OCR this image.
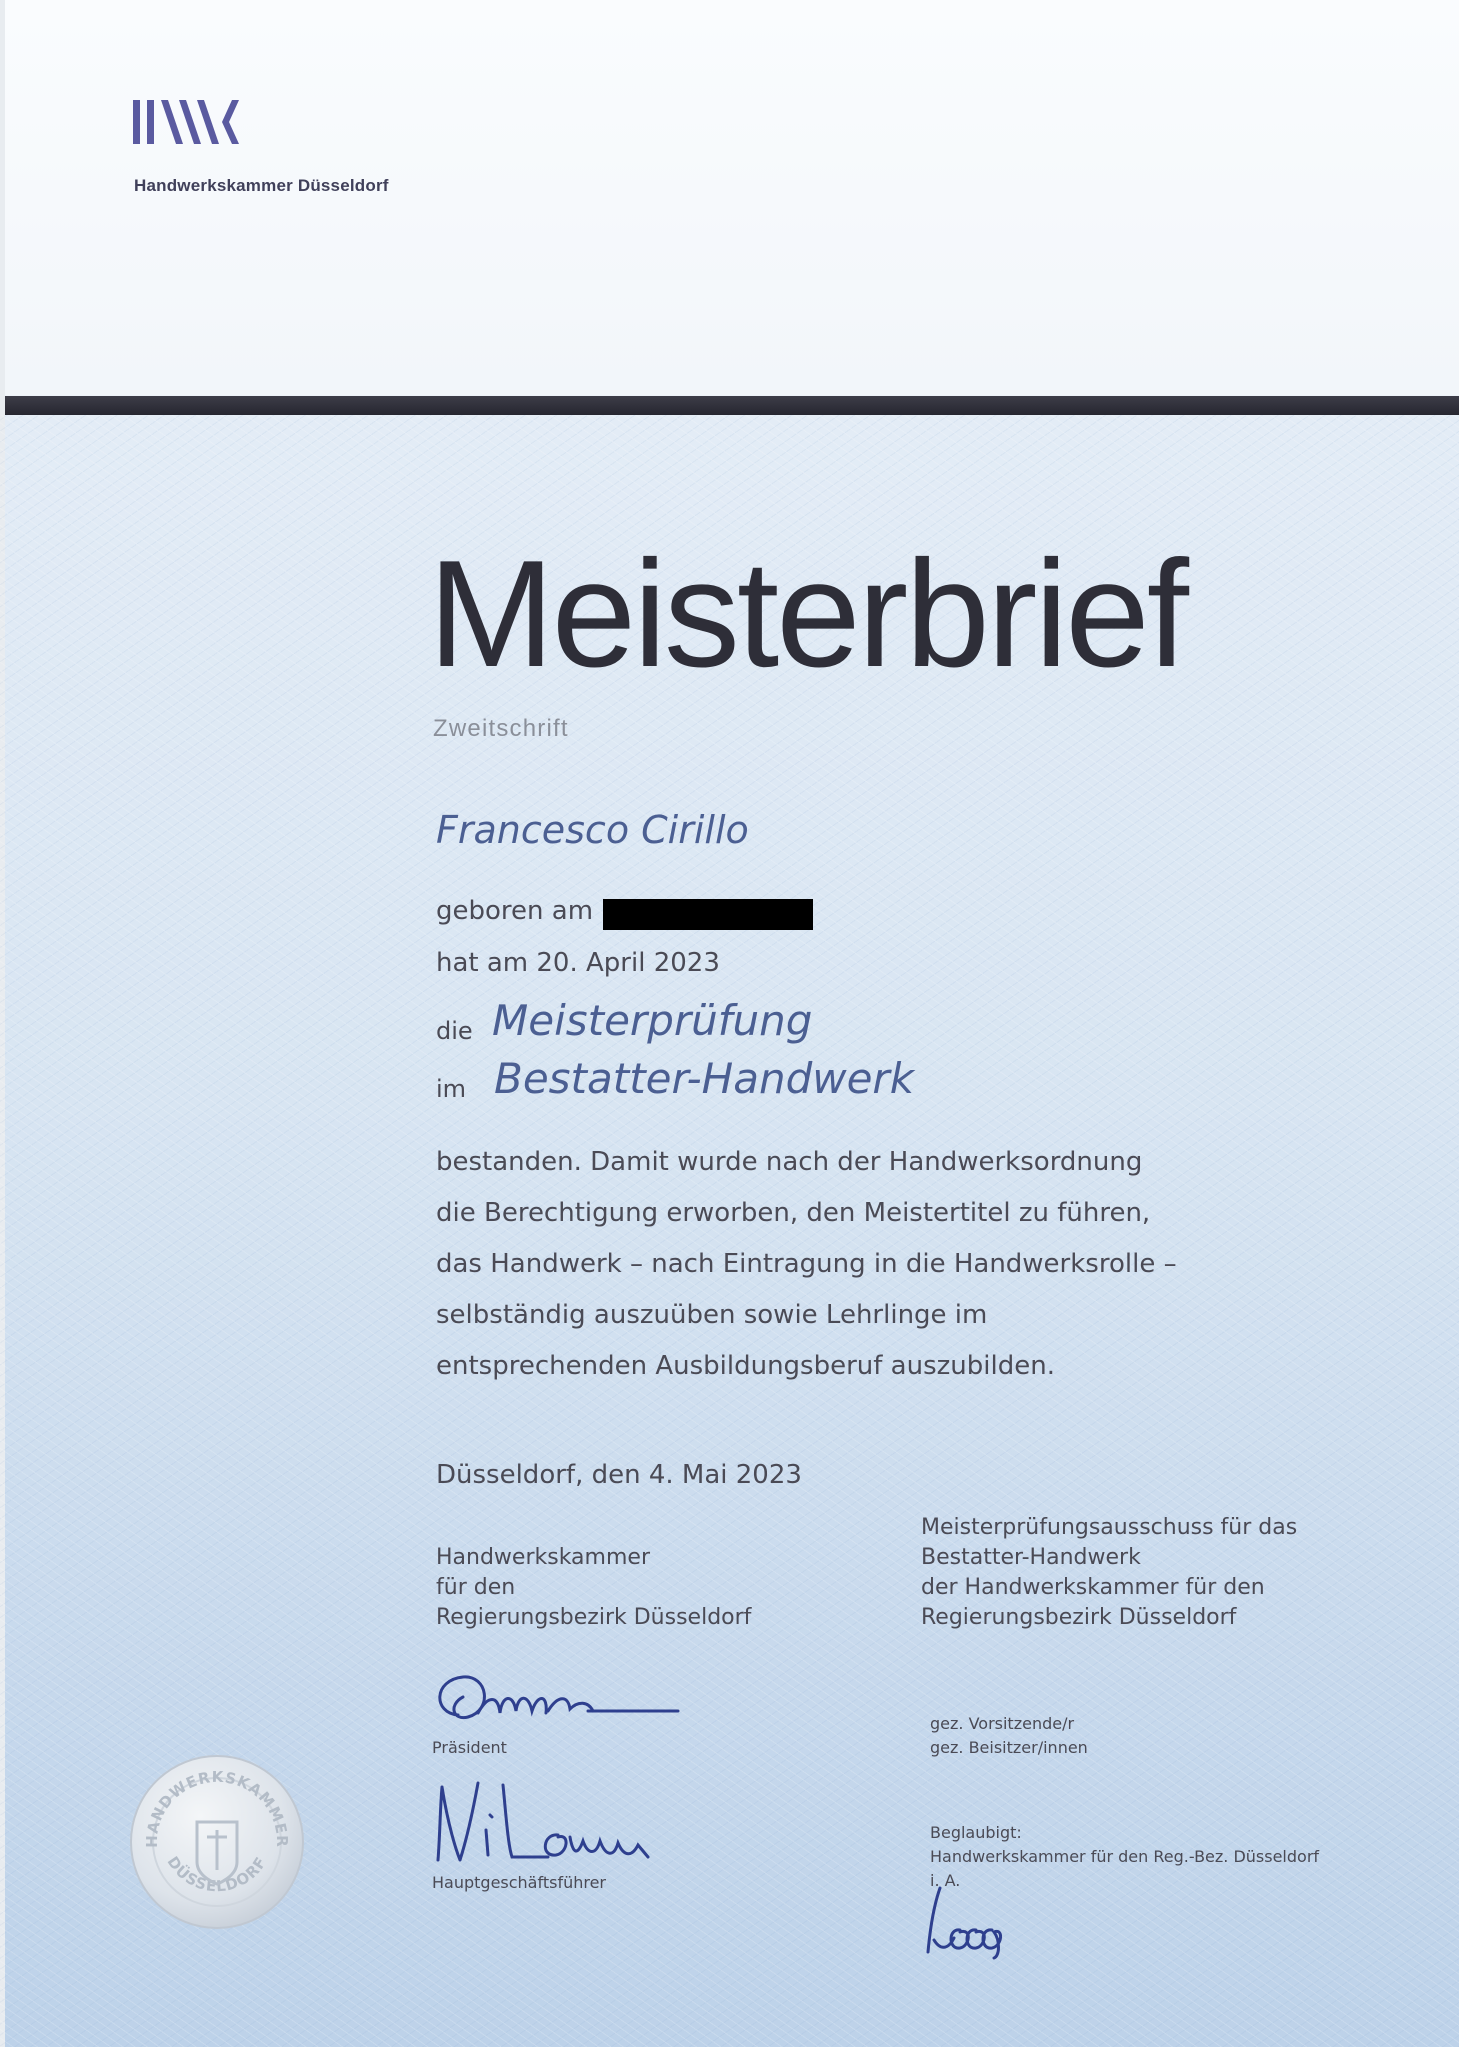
Handwerkskammer Düsseldorf
Meisterbrief
Zweitschrift
Francesco Cirillo
geboren am
hat am 20. April 2023
die Meisterprüfung
im Bestatter-Handwerk
bestanden. Damit wurde nach der Handwerksordnung
die Berechtigung erworben, den Meistertitel zu führen,
das Handwerk – nach Eintragung in die Handwerksrolle –
selbständig auszuüben sowie Lehrlinge im
entsprechenden Ausbildungsberuf auszubilden.
Düsseldorf, den 4. Mai 2023
Handwerkskammer
für den
Regierungsbezirk Düsseldorf
Meisterprüfungsausschuss für das
Bestatter-Handwerk
der Handwerkskammer für den
Regierungsbezirk Düsseldorf
Präsident
Hauptgeschäftsführer
gez. Vorsitzende/r
gez. Beisitzer/innen
Beglaubigt:
Handwerkskammer für den Reg.-Bez. Düsseldorf
i. A.
HANDWERKSKAMMER
DÜSSELDORF
